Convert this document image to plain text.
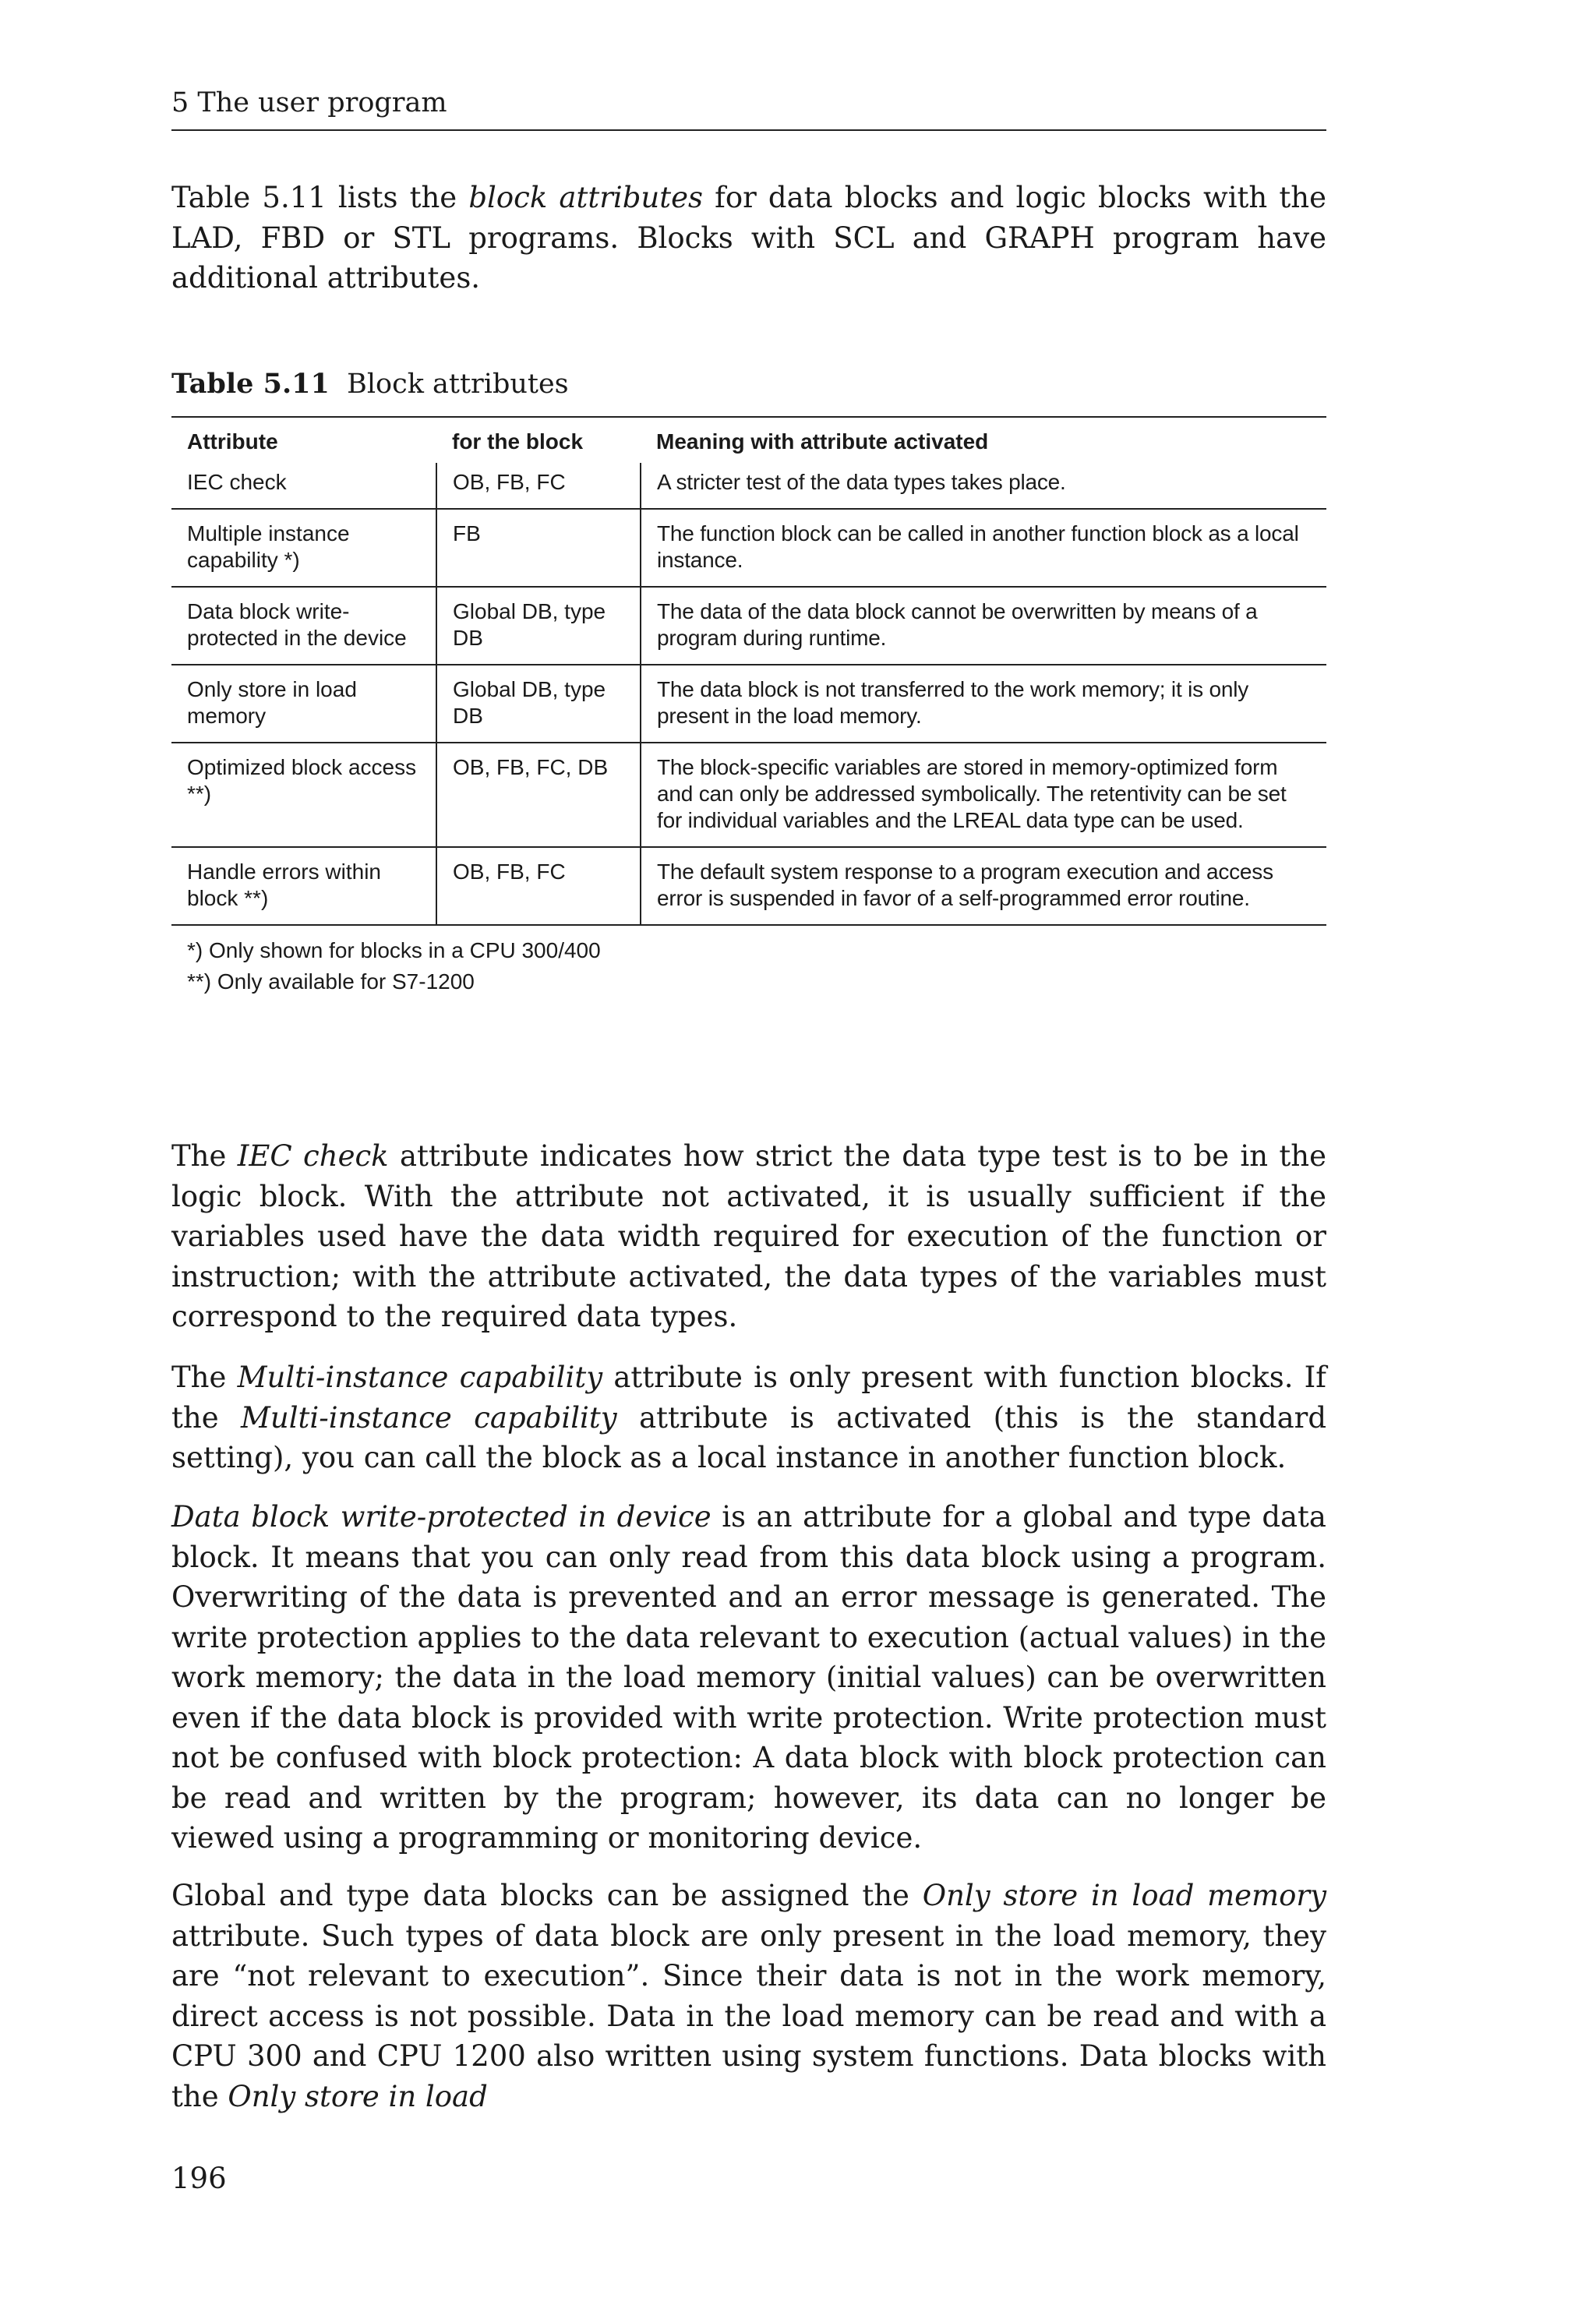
5 The user program

Table 5.11 lists the block attributes for data blocks and logic blocks with the LAD, FBD or STL programs. Blocks with SCL and GRAPH program have additional attributes.

Table 5.11 Block attributes
Attribute	for the block	Meaning with attribute activated
IEC check	OB, FB, FC	A stricter test of the data types takes place.
Multiple instance capability *)	FB	The function block can be called in another function block as a local instance.
Data block write-protected in the device	Global DB, type DB	The data of the data block cannot be overwritten by means of a program during runtime.
Only store in load memory	Global DB, type DB	The data block is not transferred to the work memory; it is only present in the load memory.
Optimized block access **)	OB, FB, FC, DB	The block-specific variables are stored in memory-optimized form and can only be addressed symbolically. The retentivity can be set for individual variables and the LREAL data type can be used.
Handle errors within block **)	OB, FB, FC	The default system response to a program execution and access error is suspended in favor of a self-programmed error routine.
*) Only shown for blocks in a CPU 300/400
**) Only available for S7-1200

The IEC check attribute indicates how strict the data type test is to be in the logic block. With the attribute not activated, it is usually sufficient if the variables used have the data width required for execution of the function or instruction; with the attribute activated, the data types of the variables must correspond to the required data types.

The Multi-instance capability attribute is only present with function blocks. If the Multi-instance capability attribute is activated (this is the standard setting), you can call the block as a local instance in another function block.

Data block write-protected in device is an attribute for a global and type data block. It means that you can only read from this data block using a program. Overwriting of the data is prevented and an error message is generated. The write protection applies to the data relevant to execution (actual values) in the work memory; the data in the load memory (initial values) can be overwritten even if the data block is provided with write protection. Write protection must not be confused with block protection: A data block with block protection can be read and written by the program; however, its data can no longer be viewed using a programming or monitoring device.

Global and type data blocks can be assigned the Only store in load memory attribute. Such types of data block are only present in the load memory, they are “not relevant to execution”. Since their data is not in the work memory, direct access is not possible. Data in the load memory can be read and with a CPU 300 and CPU 1200 also written using system functions. Data blocks with the Only store in load

196
